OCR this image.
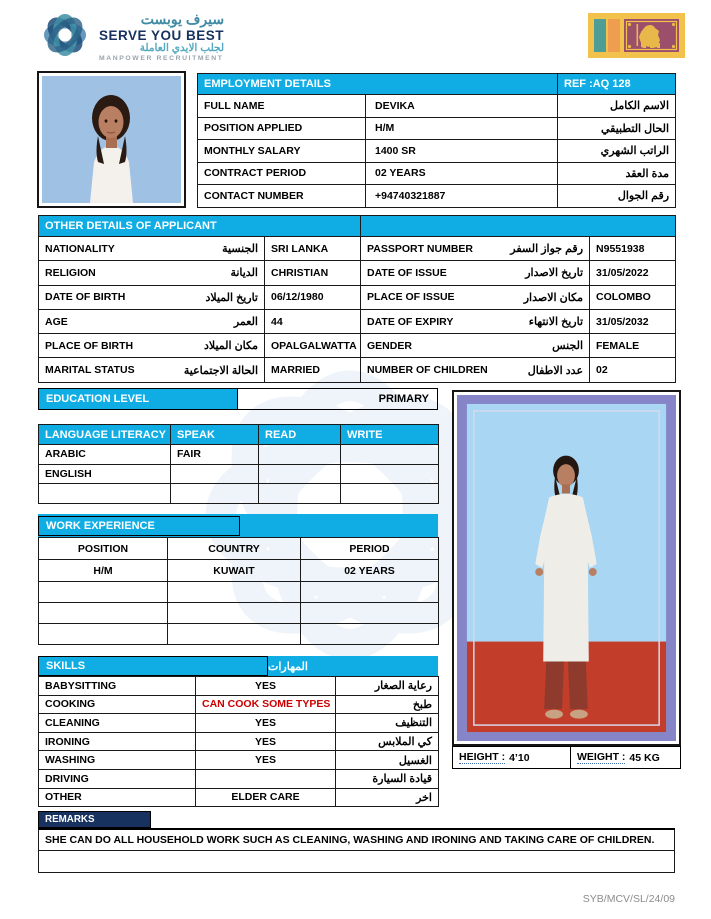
سيرف يوبست
SERVE YOU BEST
لجلب الايدي العاملة
MANPOWER RECRUITMENT
EMPLOYMENT DETAILS		REF :AQ 128
FULL NAME	DEVIKA	الاسم الكامل
POSITION APPLIED	H/M	الحال التطبيقي
MONTHLY SALARY	1400 SR	الراتب الشهري
CONTRACT PERIOD	02 YEARS	مدة العقد
CONTACT NUMBER	+94740321887	رقم الجوال
OTHER DETAILS OF APPLICANT			

NATIONALITY الجنسية	SRI LANKA	PASSPORT NUMBER رقم جواز السفر	N9551938

RELIGION الديانة	CHRISTIAN	DATE OF ISSUE تاريخ الاصدار	31/05/2022

DATE OF BIRTH تاريخ الميلاد	06/12/1980	PLACE OF ISSUE مكان الاصدار	COLOMBO

AGE العمر	44	DATE OF EXPIRY تاريخ الانتهاء	31/05/2032

PLACE OF BIRTH مكان الميلاد	OPALGALWATTA	GENDER الجنس	FEMALE

MARITAL STATUS الحالة الاجتماعية	MARRIED	NUMBER OF CHILDREN عدد الاطفال	02
EDUCATION LEVEL	PRIMARY
LANGUAGE LITERACY	SPEAK	READ	WRITE
ARABIC	FAIR		
ENGLISH			

WORK EXPERIENCE
POSITION	COUNTRY	PERIOD
H/M	KUWAIT	02 YEARS

SKILLS	المهارات
BABYSITTING	YES	رعاية الصغار
COOKING	CAN COOK SOME TYPES	طبخ
CLEANING	YES	التنظيف
IRONING	YES	كي الملابس
WASHING	YES	الغسيل
DRIVING		قيادة السيارة
OTHER	ELDER CARE	اخر
HEIGHT : 4’10	WEIGHT : 45 KG
REMARKS
SHE CAN DO ALL HOUSEHOLD WORK SUCH AS CLEANING, WASHING AND IRONING AND TAKING CARE OF CHILDREN.

SYB/MCV/SL/24/09
